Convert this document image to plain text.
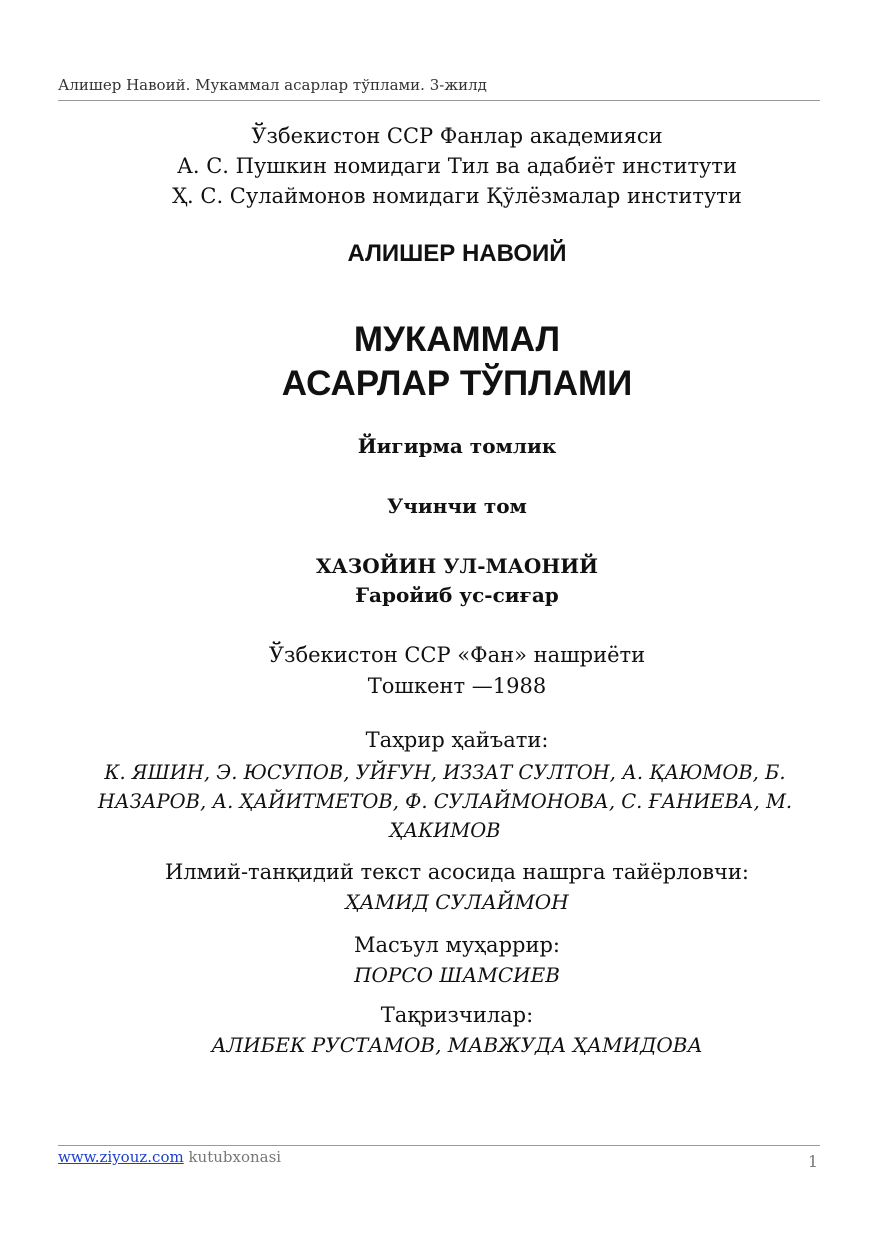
Алишер Навоий. Мукаммал асарлар тўплами. 3-жилд
Ўзбекистон ССР Фанлар академияси
А. С. Пушкин номидаги Тил ва адабиёт институти
Ҳ. С. Сулаймонов номидаги Қўлёзмалар институти
АЛИШЕР НАВОИЙ
МУКАММАЛ
АСАРЛАР ТЎПЛАМИ
Йигирма томлик
Учинчи том
ХАЗОЙИН УЛ-МАОНИЙ
Ғаройиб ус-сиғар
Ўзбекистон ССР «Фан» нашриёти
Тошкент —1988
Таҳрир ҳайъати:
К. ЯШИН, Э. ЮСУПОВ, УЙҒУН, ИЗЗАТ СУЛТОН, А. ҚАЮМОВ, Б.
НАЗАРОВ, А. ҲАЙИТМЕТОВ, Ф. СУЛАЙМОНОВА, С. ҒАНИЕВА, М.
ҲАКИМОВ
Илмий-танқидий текст асосида нашрга тайёрловчи:
ҲАМИД СУЛАЙМОН
Масъул муҳаррир:
ПОРСО ШАМСИЕВ
Тақризчилар:
АЛИБЕК РУСТАМОВ, МАВЖУДА ҲАМИДОВА
www.ziyouz.com kutubxonasi	1
